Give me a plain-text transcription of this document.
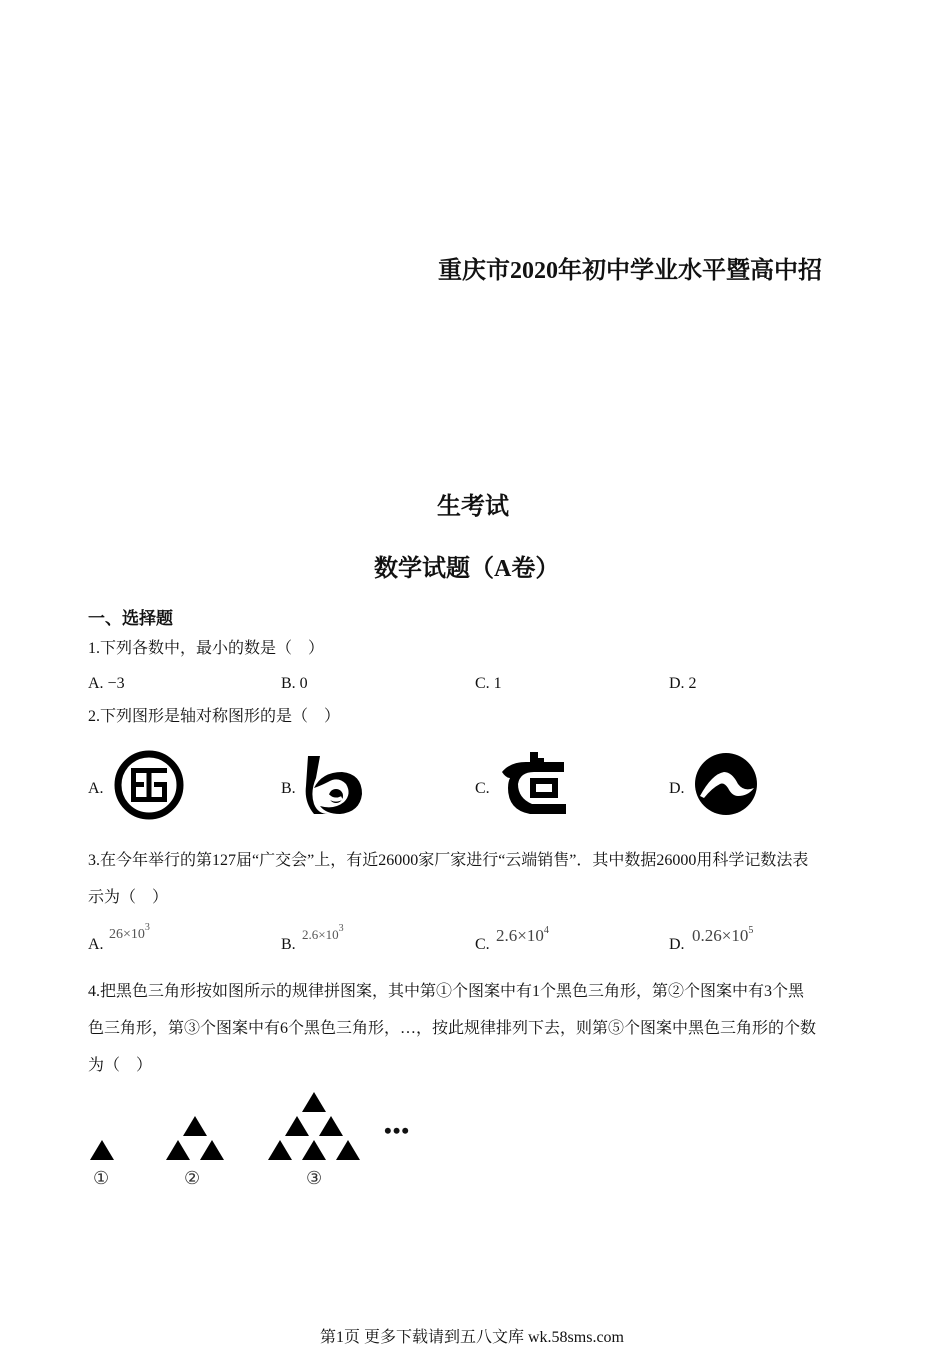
重庆市2020年初中学业水平暨高中招
生考试
数学试题（A卷）
一、选择题
1.下列各数中，最小的数是（　）
A. −3	B. 0	C. 1	D. 2
2.下列图形是轴对称图形的是（　）
A.	B.	C.	D.
3.在今年举行的第127届“广交会”上，有近26000家厂家进行“云端销售”．其中数据26000用科学记数法表
示为（　）
A.
$26\times 10^3$
B.
$2.6\times 10^3$
C. $2.6\times 10^4$
D. $0.26\times 10^5$
4.把黑色三角形按如图所示的规律拼图案，其中第①个图案中有1个黑色三角形，第②个图案中有3个黑
色三角形，第③个图案中有6个黑色三角形，…，按此规律排列下去，则第⑤个图案中黑色三角形的个数
为（　）
①	②	③
•••
第1页 更多下载请到五八文库 wk.58sms.com
